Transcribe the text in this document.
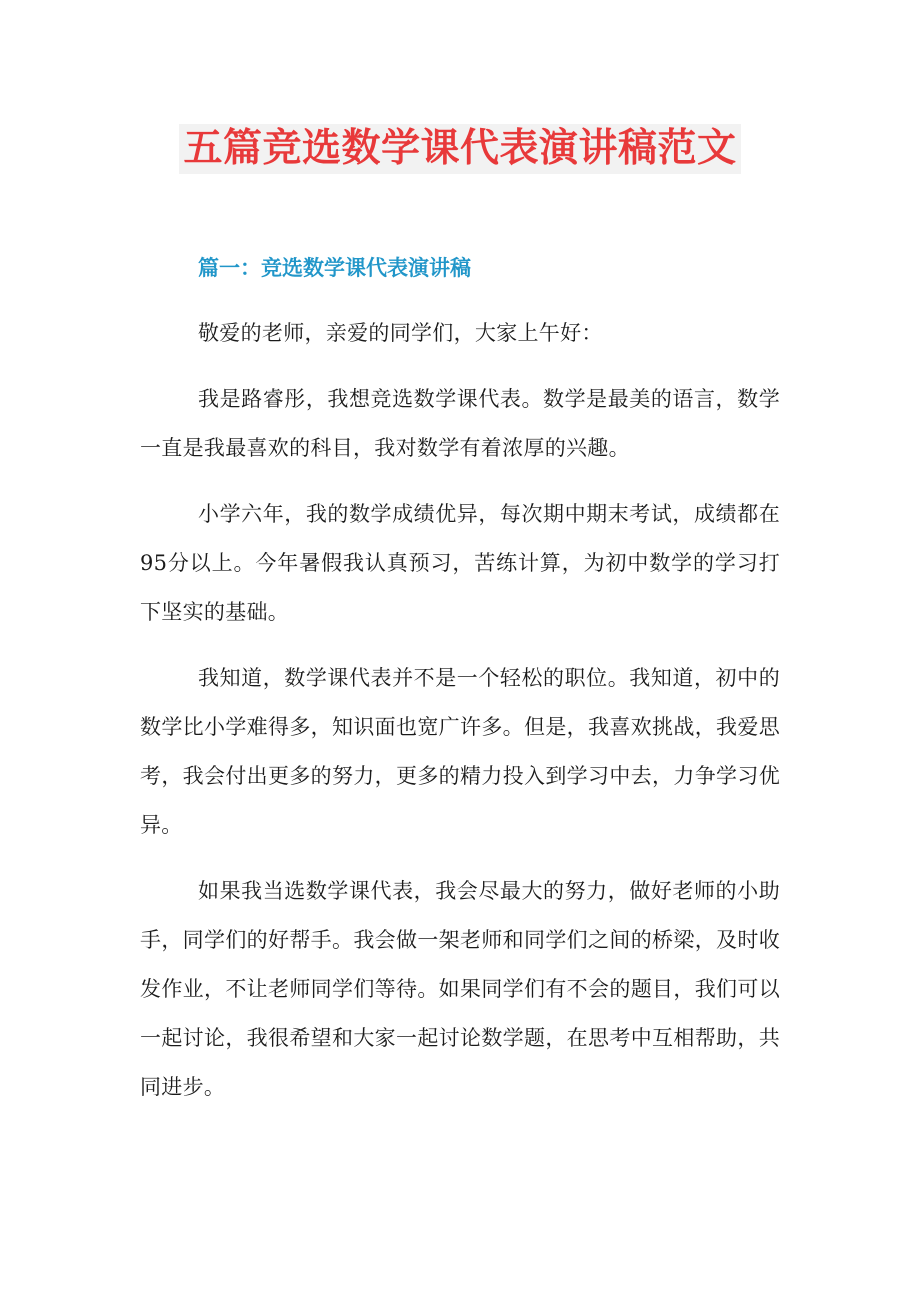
五篇竞选数学课代表演讲稿范文

篇一：竞选数学课代表演讲稿

敬爱的老师，亲爱的同学们，大家上午好：

我是路睿彤，我想竞选数学课代表。数学是最美的语言，数学一直是我最喜欢的科目，我对数学有着浓厚的兴趣。

小学六年，我的数学成绩优异，每次期中期末考试，成绩都在95分以上。今年暑假我认真预习，苦练计算，为初中数学的学习打下坚实的基础。

我知道，数学课代表并不是一个轻松的职位。我知道，初中的数学比小学难得多，知识面也宽广许多。但是，我喜欢挑战，我爱思考，我会付出更多的努力，更多的精力投入到学习中去，力争学习优异。

如果我当选数学课代表，我会尽最大的努力，做好老师的小助手，同学们的好帮手。我会做一架老师和同学们之间的桥梁，及时收发作业，不让老师同学们等待。如果同学们有不会的题目，我们可以一起讨论，我很希望和大家一起讨论数学题，在思考中互相帮助，共同进步。
